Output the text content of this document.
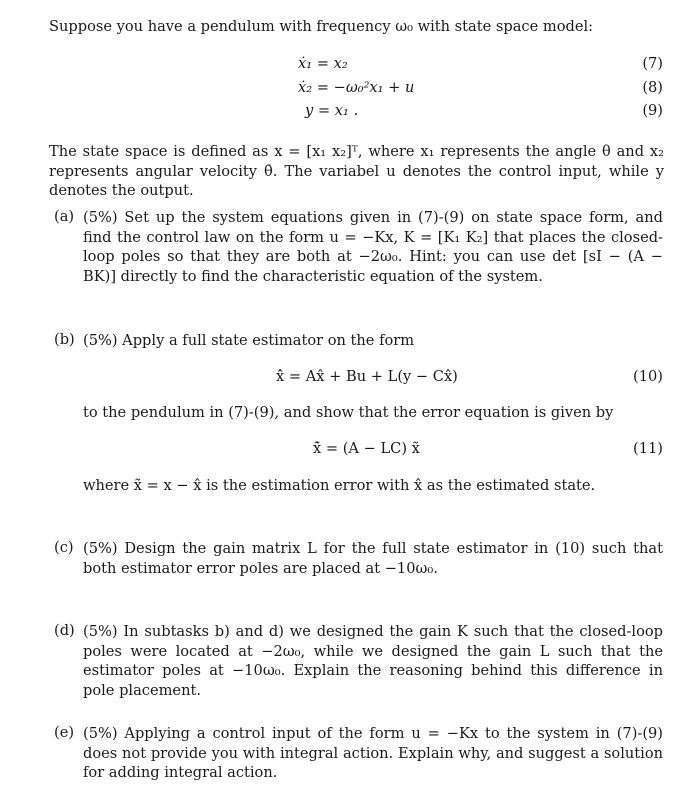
Suppose you have a pendulum with frequency ω₀ with state space model:
ẋ₁ = x₂	(7)
ẋ₂ = −ω₀²x₁ + u	(8)
y = x₁ .	(9)
The state space is defined as x = [x₁ x₂]ᵀ, where x₁ represents the angle θ and x₂ represents angular velocity θ̇. The variabel u denotes the control input, while y denotes the output.
(a) (5%) Set up the system equations given in (7)-(9) on state space form, and find the control law on the form u = −Kx, K = [K₁ K₂] that places the closed-loop poles so that they are both at −2ω₀. Hint: you can use det [sI − (A − BK)] directly to find the characteristic equation of the system.
(b) (5%) Apply a full state estimator on the form
x̂̇ = Ax̂ + Bu + L(y − Cx̂)	(10)
to the pendulum in (7)-(9), and show that the error equation is given by
x̃̇ = (A − LC) x̃	(11)
where x̃ = x − x̂ is the estimation error with x̂ as the estimated state.
(c) (5%) Design the gain matrix L for the full state estimator in (10) such that both estimator error poles are placed at −10ω₀.
(d) (5%) In subtasks b) and d) we designed the gain K such that the closed-loop poles were located at −2ω₀, while we designed the gain L such that the estimator poles at −10ω₀. Explain the reasoning behind this difference in pole placement.
(e) (5%) Applying a control input of the form u = −Kx to the system in (7)-(9) does not provide you with integral action. Explain why, and suggest a solution for adding integral action.
